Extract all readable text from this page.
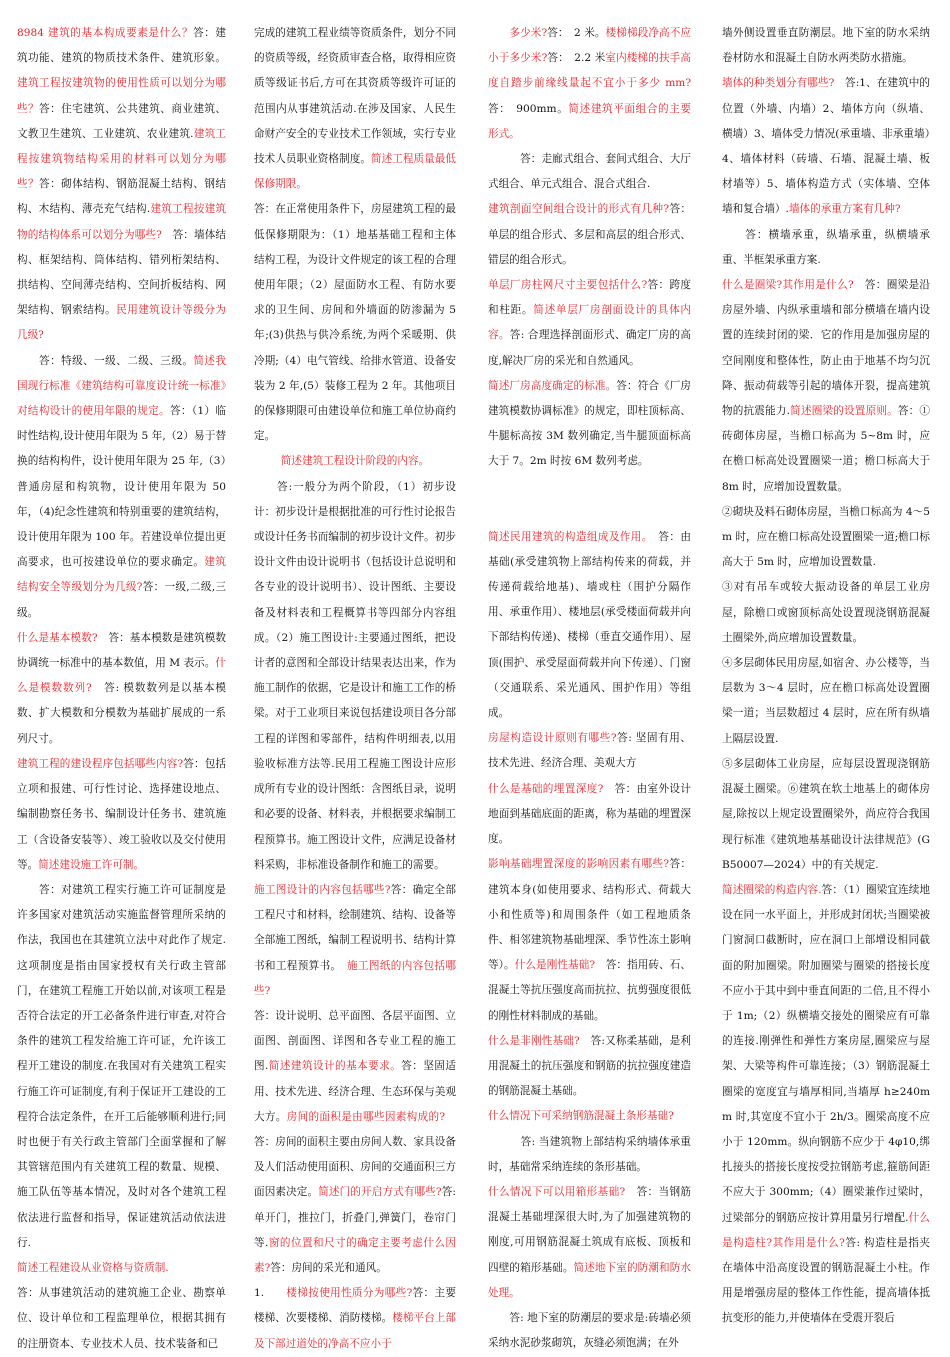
8984 建筑的基本构成要素是什么？答：建筑功能、建筑的物质技术条件、建筑形象。建筑工程按建筑物的使用性质可以划分为哪些？答：住宅建筑、公共建筑、商业建筑、文教卫生建筑、工业建筑、农业建筑.建筑工程按建筑物结构采用的材料可以划分为哪些？答：砌体结构、钢筋混凝土结构、钢结构、木结构、薄壳充气结构.建筑工程按建筑物的结构体系可以划分为哪些?　答：墙体结构、框架结构、筒体结构、错列桁架结构、拱结构、空间薄壳结构、空间折板结构、网架结构、钢索结构。民用建筑设计等级分为几级?

　　答：特级、一级、二级、三级。简述我国现行标准《建筑结构可靠度设计统一标准》对结构设计的使用年限的规定。答：（1）临时性结构,设计使用年限为 5 年,（2）易于替换的结构构件，设计使用年限为 25 年,（3）普通房屋和构筑物，设计使用年限为 50 年，（4)纪念性建筑和特别重要的建筑结构，设计使用年限为 100 年。若建设单位提出更高要求，也可按建设单位的要求确定。建筑结构安全等级划分为几级?答：一级,二级,三级。

什么是基本模数?　答：基本模数是建筑模数协调统一标准中的基本数值，用 M 表示。什么是模数数列?　答: 模数数列是以基本模数、扩大模数和分模数为基础扩展成的一系列尺寸。

建筑工程的建设程序包括哪些内容?答：包括立项和报建、可行性讨论、选择建设地点、编制勘察任务书、编制设计任务书、建筑施工（含设备安装等）、竣工验收以及交付使用等。简述建设施工许可制。

　　答：对建筑工程实行施工许可证制度是许多国家对建筑活动实施监督管理所采纳的作法，我国也在其建筑立法中对此作了规定.这项制度是指由国家授权有关行政主管部门，在建筑工程施工开始以前,对该项工程是否符合法定的开工必备条件进行审查,对符合条件的建筑工程发给施工许可证，允许该工程开工建设的制度.在我国对有关建筑工程实行施工许可证制度,有利于保证开工建设的工程符合法定条件，在开工后能够顺利进行;同时也便于有关行政主管部门全面掌握和了解其管辖范围内有关建筑工程的数量、规模、施工队伍等基本情况，及时对各个建筑工程依法进行监督和指导，保证建筑活动依法进行.

简述工程建设从业资格与资质制.

答：从事建筑活动的建筑施工企业、勘察单位、设计单位和工程监理单位，根据其拥有的注册资本、专业技术人员、技术装备和已

完成的建筑工程业绩等资质条件，划分不同的资质等级，经资质审查合格，取得相应资质等级证书后,方可在其资质等级许可证的范围内从事建筑活动.在涉及国家、人民生命财产安全的专业技术工作领域，实行专业技术人员职业资格制度。简述工程质量最低保修期限。

答：在正常使用条件下，房屋建筑工程的最低保修期限为：（1）地基基础工程和主体结构工程，为设计文件规定的该工程的合理使用年限；（2）屋面防水工程、有防水要求的卫生间、房间和外墙面的防渗漏为 5 年;(3)供热与供冷系统,为两个采暖期、供冷期;（4）电气管线、给排水管道、设备安装为 2 年,(5）装修工程为 2 年。其他项目的保修期限可由建设单位和施工单位协商约定。

简述建筑工程设计阶段的内容。

　　答:一般分为两个阶段，（1）初步设计：初步设计是根据批准的可行性讨论报告或设计任务书而编制的初步设计文件。初步设计文件由设计说明书（包括设计总说明和各专业的设计说明书）、设计图纸、主要设备及材料表和工程概算书等四部分内容组成。（2）施工图设计:主要通过图纸，把设计者的意图和全部设计结果表达出来，作为施工制作的依据，它是设计和施工工作的桥梁。对于工业项目来说包括建设项目各分部工程的详图和零部件，结构件明细表,以用验收标准方法等.民用工程施工图设计应形成所有专业的设计图纸：含图纸目录，说明和必要的设备、材料表，并根据要求编制工程预算书。施工图设计文件，应满足设备材料采购，非标准设备制作和施工的需要。

施工图设计的内容包括哪些?答：确定全部工程尺寸和材料，绘制建筑、结构、设备等全部施工图纸，编制工程说明书、结构计算书和工程预算书。　施工图纸的内容包括哪些?

答：设计说明、总平面图、各层平面图、立面图、剖面图、详图和各专业工程的施工图.简述建筑设计的基本要求。答：坚固适用、技术先进、经济合理、生态环保与美观大方。房间的面积是由哪些因素构成的?　答：房间的面积主要由房间人数、家具设备及人们活动使用面积、房间的交通面积三方面因素决定。简述门的开启方式有哪些?答: 单开门，推拉门，折叠门,弹簧门，卷帘门等.窗的位置和尺寸的确定主要考虑什么因素?答：房间的采光和通风。

1.　　楼梯按使用性质分为哪些?答：主要楼梯、次要楼梯、消防楼梯。楼梯平台上部及下部过道处的净高不应小于

　　多少米?答：　2 米。楼梯梯段净高不应小于多少米?答：　2.2 米室内楼梯的扶手高度自踏步前缘线量起不宜小于多少 mm?答：　900mm。简述建筑平面组合的主要形式。

　　　答：走廊式组合、套间式组合、大厅式组合、单元式组合、混合式组合.

建筑剖面空间组合设计的形式有几种?答：单层的组合形式、多层和高层的组合形式、错层的组合形式。

单层厂房柱网尺寸主要包括什么?答：跨度和柱距。简述单层厂房剖面设计的具体内容。答: 合理选择剖面形式、确定厂房的高度,解决厂房的采光和自然通风。

简述厂房高度确定的标准。答：符合《厂房建筑模数协调标准》的规定，即柱顶标高、牛腿标高按 3M 数列确定,当牛腿顶面标高大于 7。2m 时按 6M 数列考虑。

简述民用建筑的构造组成及作用。　答：由基础(承受建筑物上部结构传来的荷载，并传递荷载给地基)、墙或柱（围护分隔作用、承重作用）、楼地层(承受楼面荷载并向下部结构传递)、楼梯（垂直交通作用）、屋顶(围护、承受屋面荷载并向下传递）、门窗（交通联系、采光通风、围护作用）等组成。

房屋构造设计原则有哪些?答: 坚固有用、技术先进、经济合理、美观大方

什么是基础的埋置深度?　答：由室外设计地面到基础底面的距离，称为基础的埋置深度。

影响基础埋置深度的影响因素有哪些?答：建筑本身(如使用要求、结构形式、荷载大小和性质等)和周围条件（如工程地质条件、相邻建筑物基础埋深、季节性冻土影响等）。什么是刚性基础?　答：指用砖、石、混凝土等抗压强度高而抗拉、抗剪强度很低的刚性材料制成的基础。

什么是非刚性基础?　答:又称柔基础，是利用混凝土的抗压强度和钢筋的抗拉强度建造的钢筋混凝土基础。

什么情况下可采纳钢筋混凝土条形基础?

　　　答: 当建筑物上部结构采纳墙体承重时，基础常采纳连续的条形基础。

什么情况下可以用箱形基础?　答：当钢筋混凝土基础埋深很大时,为了加强建筑物的刚度,可用钢筋混凝土筑成有底板、顶板和四壁的箱形基础。简述地下室的防潮和防水处理。

　　答: 地下室的防潮层的要求是:砖墙必须采纳水泥砂浆砌筑，灰缝必须饱满；在外

墙外侧设置垂直防潮层。地下室的防水采纳卷材防水和混凝土自防水两类防水措施。

墙体的种类划分有哪些?　答:1、在建筑中的位置（外墙、内墙）2、墙体方向（纵墙、横墙）3、墙体受力情况(承重墙、非承重墙）4、墙体材料（砖墙、石墙、混凝土墙、板材墙等）5、墙体构造方式（实体墙、空体墙和复合墙）.墙体的承重方案有几种?

　　答：横墙承重，纵墙承重，纵横墙承重、半框架承重方案.

什么是圈梁?其作用是什么?　答：圈梁是沿房屋外墙、内纵承重墙和部分横墙在墙内设置的连续封闭的梁．它的作用是加强房屋的空间刚度和整体性，防止由于地基不均匀沉降、振动荷载等引起的墙体开裂，提高建筑物的抗震能力.简述圈梁的设置原则。答：①砖砌体房屋，当檐口标高为 5~8m 时，应在檐口标高处设置圈梁一道；檐口标高大于 8m 时，应增加设置数量。

②砌块及料石砌体房屋，当檐口标高为 4～5m 时，应在檐口标高处设置圈梁一道;檐口标高大于 5m 时，应增加设置数量.

③对有吊车或较大振动设备的单层工业房屋，除檐口或窗顶标高处设置现浇钢筋混凝土圈梁外,尚应增加设置数量。

④多层砌体民用房屋,如宿舍、办公楼等，当层数为 3～4 层时，应在檐口标高处设置圈梁一道；当层数超过 4 层时，应在所有纵墙上隔层设置.

⑤多层砌体工业房屋，应每层设置现浇钢筋混凝土圈梁。⑥建筑在软土地基上的砌体房屋,除按以上规定设置圈梁外，尚应符合我国现行标准《建筑地基基础设计法律规范》(GB50007—2024）中的有关规定.

简述圈梁的构造内容.答：（1）圈梁宜连续地设在同一水平面上，并形成封闭状;当圈梁被门窗洞口截断时，应在洞口上部增设相同截面的附加圈梁。附加圈梁与圈梁的搭接长度不应小于其中到中垂直间距的二倍,且不得小于 1m;（2）纵横墙交接处的圈梁应有可靠的连接.刚弹性和弹性方案房屋,圈梁应与屋架、大梁等构件可靠连接；（3）钢筋混凝土圈梁的宽度宜与墙厚相同,当墙厚 h≥240mm 时,其宽度不宜小于 2h/3。圈梁高度不应小于 120mm。纵向钢筋不应少于 4φ10,绑扎接头的搭接长度按受拉钢筋考虑,箍筋间距不应大于 300mm;（4）圈梁兼作过梁时，过梁部分的钢筋应按计算用量另行增配.什么是构造柱?其作用是什么?答: 构造柱是指夹在墙体中沿高度设置的钢筋混凝土小柱。作用是增强房屋的整体工作性能，提高墙体抵抗变形的能力,并使墙体在受震开裂后
